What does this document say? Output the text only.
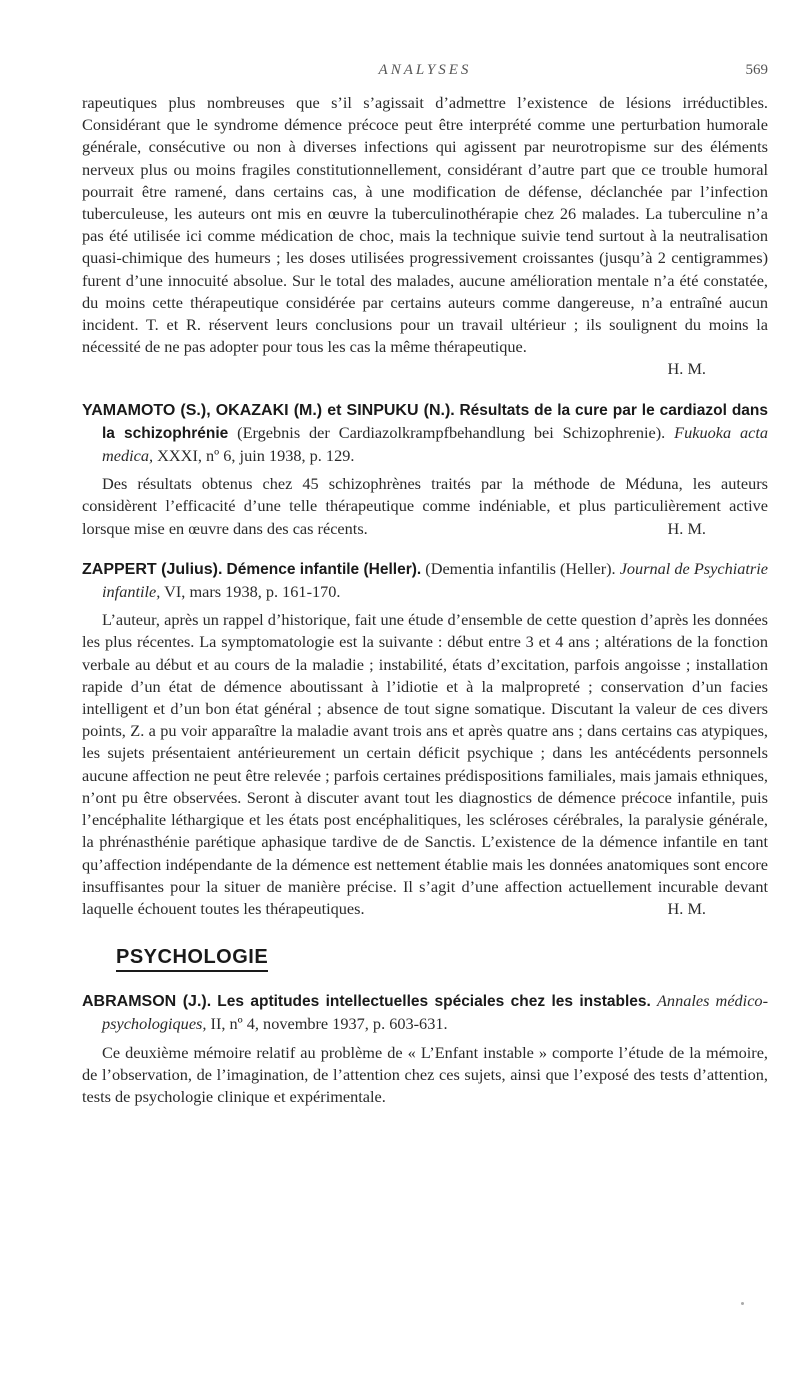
ANALYSES	569

rapeutiques plus nombreuses que s’il s’agissait d’admettre l’existence de lésions irréductibles. Considérant que le syndrome démence précoce peut être interprété comme une perturbation humorale générale, consécutive ou non à diverses infections qui agissent par neurotropisme sur des éléments nerveux plus ou moins fragiles constitutionnellement, considérant d’autre part que ce trouble humoral pourrait être ramené, dans certains cas, à une modification de défense, déclanchée par l’infection tuberculeuse, les auteurs ont mis en œuvre la tuberculinothérapie chez 26 malades. La tuberculine n’a pas été utilisée ici comme médication de choc, mais la technique suivie tend surtout à la neutralisation quasi-chimique des humeurs ; les doses utilisées progressivement croissantes (jusqu’à 2 centigrammes) furent d’une innocuité absolue. Sur le total des malades, aucune amélioration mentale n’a été constatée, du moins cette thérapeutique considérée par certains auteurs comme dangereuse, n’a entraîné aucun incident. T. et R. réservent leurs conclusions pour un travail ultérieur ; ils soulignent du moins la nécessité de ne pas adopter pour tous les cas la même thérapeutique.

H. M.

YAMAMOTO (S.), OKAZAKI (M.) et SINPUKU (N.). Résultats de la cure par le cardiazol dans la schizophrénie (Ergebnis der Cardiazolkrampfbehandlung bei Schizophrenie). Fukuoka acta medica, XXXI, nº 6, juin 1938, p. 129.

Des résultats obtenus chez 45 schizophrènes traités par la méthode de Méduna, les auteurs considèrent l’efficacité d’une telle thérapeutique comme indéniable, et plus particulièrement active lorsque mise en œuvre dans des cas récents.	H. M.

ZAPPERT (Julius). Démence infantile (Heller). (Dementia infantilis (Heller). Journal de Psychiatrie infantile, VI, mars 1938, p. 161-170.

L’auteur, après un rappel d’historique, fait une étude d’ensemble de cette question d’après les données les plus récentes. La symptomatologie est la suivante : début entre 3 et 4 ans ; altérations de la fonction verbale au début et au cours de la maladie ; instabilité, états d’excitation, parfois angoisse ; installation rapide d’un état de démence aboutissant à l’idiotie et à la malpropreté ; conservation d’un facies intelligent et d’un bon état général ; absence de tout signe somatique. Discutant la valeur de ces divers points, Z. a pu voir apparaître la maladie avant trois ans et après quatre ans ; dans certains cas atypiques, les sujets présentaient antérieurement un certain déficit psychique ; dans les antécédents personnels aucune affection ne peut être relevée ; parfois certaines prédispositions familiales, mais jamais ethniques, n’ont pu être observées. Seront à discuter avant tout les diagnostics de démence précoce infantile, puis l’encéphalite léthargique et les états post encéphalitiques, les scléroses cérébrales, la paralysie générale, la phrénasthénie parétique aphasique tardive de de Sanctis. L’existence de la démence infantile en tant qu’affection indépendante de la démence est nettement établie mais les données anatomiques sont encore insuffisantes pour la situer de manière précise. Il s’agit d’une affection actuellement incurable devant laquelle échouent toutes les thérapeutiques.	H. M.

PSYCHOLOGIE

ABRAMSON (J.). Les aptitudes intellectuelles spéciales chez les instables. Annales médico-psychologiques, II, nº 4, novembre 1937, p. 603-631.

Ce deuxième mémoire relatif au problème de « L’Enfant instable » comporte l’étude de la mémoire, de l’observation, de l’imagination, de l’attention chez ces sujets, ainsi que l’exposé des tests d’attention, tests de psychologie clinique et expérimentale.
